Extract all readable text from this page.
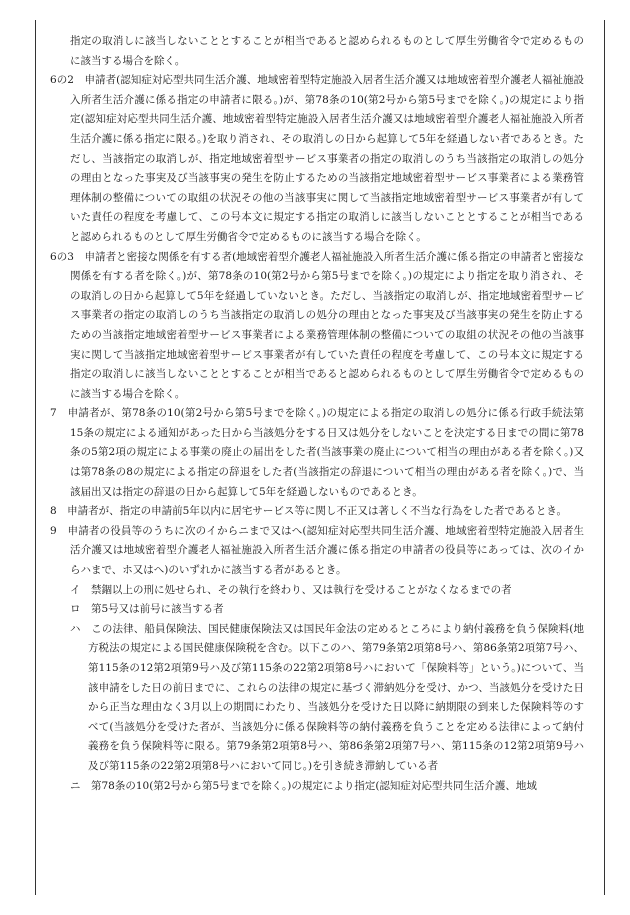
指定の取消しに該当しないこととすることが相当であると認められるものとして厚生労働省令で定めるものに該当する場合を除く。

6の2　申請者(認知症対応型共同生活介護、地域密着型特定施設入居者生活介護又は地域密着型介護老人福祉施設入所者生活介護に係る指定の申請者に限る。)が、第78条の10(第2号から第5号までを除く。)の規定により指定(認知症対応型共同生活介護、地域密着型特定施設入居者生活介護又は地域密着型介護老人福祉施設入所者生活介護に係る指定に限る。)を取り消され、その取消しの日から起算して5年を経過しない者であるとき。ただし、当該指定の取消しが、指定地域密着型サービス事業者の指定の取消しのうち当該指定の取消しの処分の理由となった事実及び当該事実の発生を防止するための当該指定地域密着型サービス事業者による業務管理体制の整備についての取組の状況その他の当該事実に関して当該指定地域密着型サービス事業者が有していた責任の程度を考慮して、この号本文に規定する指定の取消しに該当しないこととすることが相当であると認められるものとして厚生労働省令で定めるものに該当する場合を除く。

6の3　申請者と密接な関係を有する者(地域密着型介護老人福祉施設入所者生活介護に係る指定の申請者と密接な関係を有する者を除く。)が、第78条の10(第2号から第5号までを除く。)の規定により指定を取り消され、その取消しの日から起算して5年を経過していないとき。ただし、当該指定の取消しが、指定地域密着型サービス事業者の指定の取消しのうち当該指定の取消しの処分の理由となった事実及び当該事実の発生を防止するための当該指定地域密着型サービス事業者による業務管理体制の整備についての取組の状況その他の当該事実に関して当該指定地域密着型サービス事業者が有していた責任の程度を考慮して、この号本文に規定する指定の取消しに該当しないこととすることが相当であると認められるものとして厚生労働省令で定めるものに該当する場合を除く。

7　申請者が、第78条の10(第2号から第5号までを除く。)の規定による指定の取消しの処分に係る行政手続法第15条の規定による通知があった日から当該処分をする日又は処分をしないことを決定する日までの間に第78条の5第2項の規定による事業の廃止の届出をした者(当該事業の廃止について相当の理由がある者を除く。)又は第78条の8の規定による指定の辞退をした者(当該指定の辞退について相当の理由がある者を除く。)で、当該届出又は指定の辞退の日から起算して5年を経過しないものであるとき。

8　申請者が、指定の申請前5年以内に居宅サービス等に関し不正又は著しく不当な行為をした者であるとき。

9　申請者の役員等のうちに次のイからニまで又はへ(認知症対応型共同生活介護、地域密着型特定施設入居者生活介護又は地域密着型介護老人福祉施設入所者生活介護に係る指定の申請者の役員等にあっては、次のイからハまで、ホ又はへ)のいずれかに該当する者があるとき。

イ　禁錮以上の刑に処せられ、その執行を終わり、又は執行を受けることがなくなるまでの者

ロ　第5号又は前号に該当する者

ハ　この法律、船員保険法、国民健康保険法又は国民年金法の定めるところにより納付義務を負う保険料(地方税法の規定による国民健康保険税を含む。以下このハ、第79条第2項第8号ハ、第86条第2項第7号ハ、第115条の12第2項第9号ハ及び第115条の22第2項第8号ハにおいて「保険料等」という。)について、当該申請をした日の前日までに、これらの法律の規定に基づく滞納処分を受け、かつ、当該処分を受けた日から正当な理由なく3月以上の期間にわたり、当該処分を受けた日以降に納期限の到来した保険料等のすべて(当該処分を受けた者が、当該処分に係る保険料等の納付義務を負うことを定める法律によって納付義務を負う保険料等に限る。第79条第2項第8号ハ、第86条第2項第7号ハ、第115条の12第2項第9号ハ及び第115条の22第2項第8号ハにおいて同じ。)を引き続き滞納している者

ニ　第78条の10(第2号から第5号までを除く。)の規定により指定(認知症対応型共同生活介護、地域
